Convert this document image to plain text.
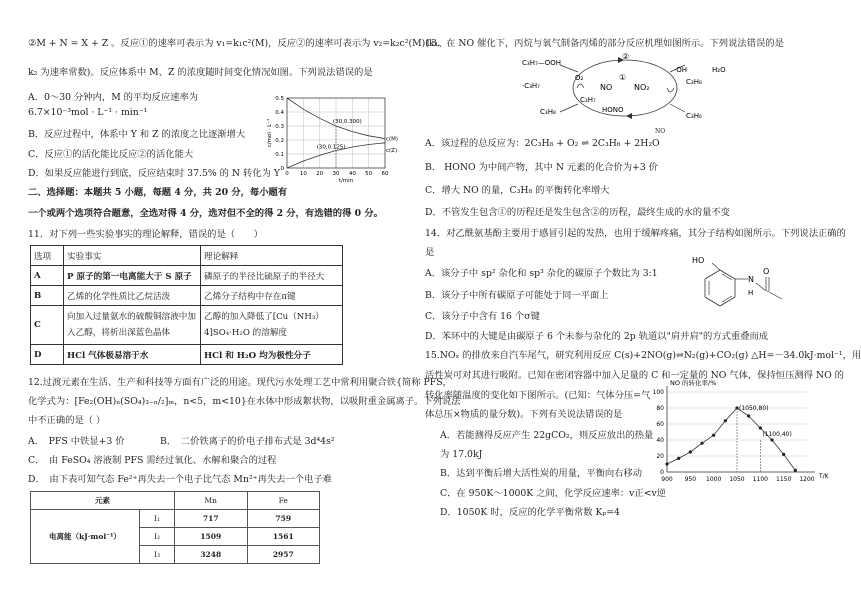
②M + N = X + Z 。反应①的速率可表示为 v₁=k₁c²(M)，反应②的速率可表示为 v₂=k₂c²(M)(k₁、
k₂ 为速率常数)。反应体系中 M、Z 的浓度随时间变化情况如图。下列说法错误的是
A．0～30 分钟内，M 的平均反应速率为
6.7×10⁻³mol · L⁻¹ · min⁻¹
B．反应过程中，体系中 Y 和 Z 的浓度之比逐渐增大
C．反应①的活化能比反应②的活化能大
D．如果反应能进行到底，反应结束时 37.5% 的 N 转化为 Y
0.5
0.4
0.3
0.2
0.1
0
0 10 20 30 40 50 60
t/min
c/mol · L⁻¹	(30,0.300)
(30,0.125)
c(M)
c(Z)
二、选择题：本题共 5 小题，每题 4 分，共 20 分，每小题有
一个或两个选项符合题意，全选对得 4 分，选对但不全的得 2 分，有选错的得 0 分。
11．对下列一些实验事实的理论解释，错误的是（　　）
选项	实验事实	理论解释
A	P 原子的第一电离能大于 S 原子	磷原子的半径比硫原子的半径大
B	乙烯的化学性质比乙烷活泼	乙烯分子结构中存在π键
C	向加入过量氨水的硫酸铜溶液中加入乙醇，将析出深蓝色晶体	乙醇的加入降低了[Cu（NH₃）4]SO₄·H₂O 的溶解度
D	HCl 气体极易溶于水	HCl 和 H₂O 均为极性分子
12.过渡元素在生活、生产和科技等方面有广泛的用途。现代污水处理工艺中常利用聚合铁{简称 PFS，
化学式为：[Fe₂(OH)ₙ(SO₄)₃₋ₙ/₂]ₘ，n<5，m<10}在水体中形成絮状物，以吸附重金属离子。下列说法
中不正确的是（ ）
A．　PFS 中铁显+3 价	B．　二价铁离子的价电子排布式是 3d⁴4s²
C．　由 FeSO₄ 溶液制 PFS 需经过氧化、水解和聚合的过程
D．　由下表可知气态 Fe²⁺再失去一个电子比气态 Mn²⁺再失去一个电子难
元素		Mn	Fe
电离能（kJ·mol⁻¹）	I₁	717	759
	I₂	1509	1561
	I₃	3248	2957
13．在 NO 催化下，丙烷与氧气制备丙烯的部分反应机理如图所示。下列说法错误的是
C₃H₇—OOH
·C₃H₇
C₃H₈
O₂
NO	NO₂
②
①
HONO
·OH	H₂O
C₃H₈
C₃H₆
C₃H₇
A．该过程的总反应为：2C₃H₈ + O₂ ⇌ 2C₃H₆ + 2H₂O
NO
B． HONO 为中间产物，其中 N 元素的化合价为+3 价
C．增大 NO 的量，C₃H₈ 的平衡转化率增大
D．不管发生包含①的历程还是发生包含②的历程，最终生成的水的量不变
14．对乙酰氨基酚主要用于感冒引起的发热，也用于缓解疼痛，其分子结构如图所示。下列说法正确的
是
HO
N
H
O
A．该分子中 sp² 杂化和 sp³ 杂化的碳原子个数比为 3:1
B．该分子中所有碳原子可能处于同一平面上
C．该分子中含有 16 个σ键
D．苯环中的大键是由碳原子 6 个未参与杂化的 2p 轨道以"肩并肩"的方式重叠而成
15.NOₓ 的排放来自汽车尾气，研究利用反应 C(s)+2NO(g)⇌N₂(g)+CO₂(g) △H=－34.0kJ·mol⁻¹，用
活性炭可对其进行吸附。已知在密闭容器中加入足量的 C 和一定量的 NO 气体，保持恒压测得 NO 的
转化率随温度的变化如下图所示。(已知：气体分压=气
体总压×物质的量分数)。下列有关说法错误的是
A．若能测得反应产生 22gCO₂，则反应放出的热量
为 17.0kJ
B．达到平衡后增大活性炭的用量，平衡向右移动
C．在 950K～1000K 之间，化学反应速率：v正<v逆
D．1050K 时，反应的化学平衡常数 Kₚ=4
100
80
60
40
20
0
900 950 1000 1050 1100 1150 1200
NO 的转化率/%
T/K
(1050,80)
(1100,40)
